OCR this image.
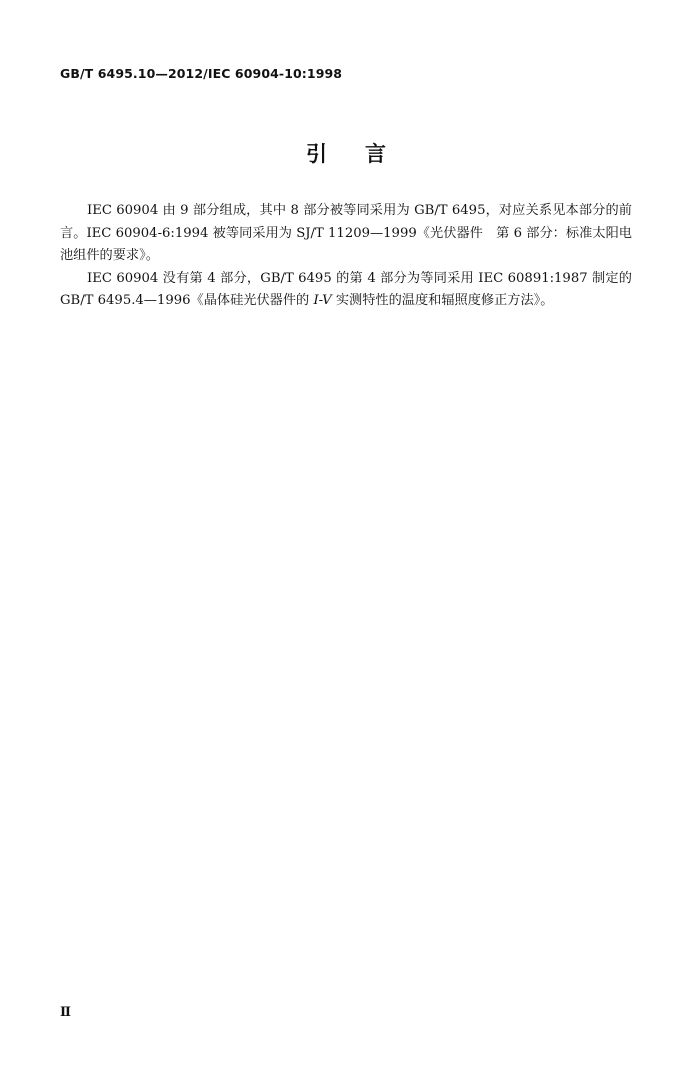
GB/T 6495.10—2012/IEC 60904-10:1998
引言

IEC 60904 由 9 部分组成，其中 8 部分被等同采用为 GB/T 6495，对应关系见本部分的前言。IEC 60904-6:1994 被等同采用为 SJ/T 11209—1999《光伏器件　第 6 部分：标准太阳电池组件的要求》。

IEC 60904 没有第 4 部分，GB/T 6495 的第 4 部分为等同采用 IEC 60891:1987 制定的 GB/T 6495.4—1996《晶体硅光伏器件的 I-V 实测特性的温度和辐照度修正方法》。

Ⅱ
